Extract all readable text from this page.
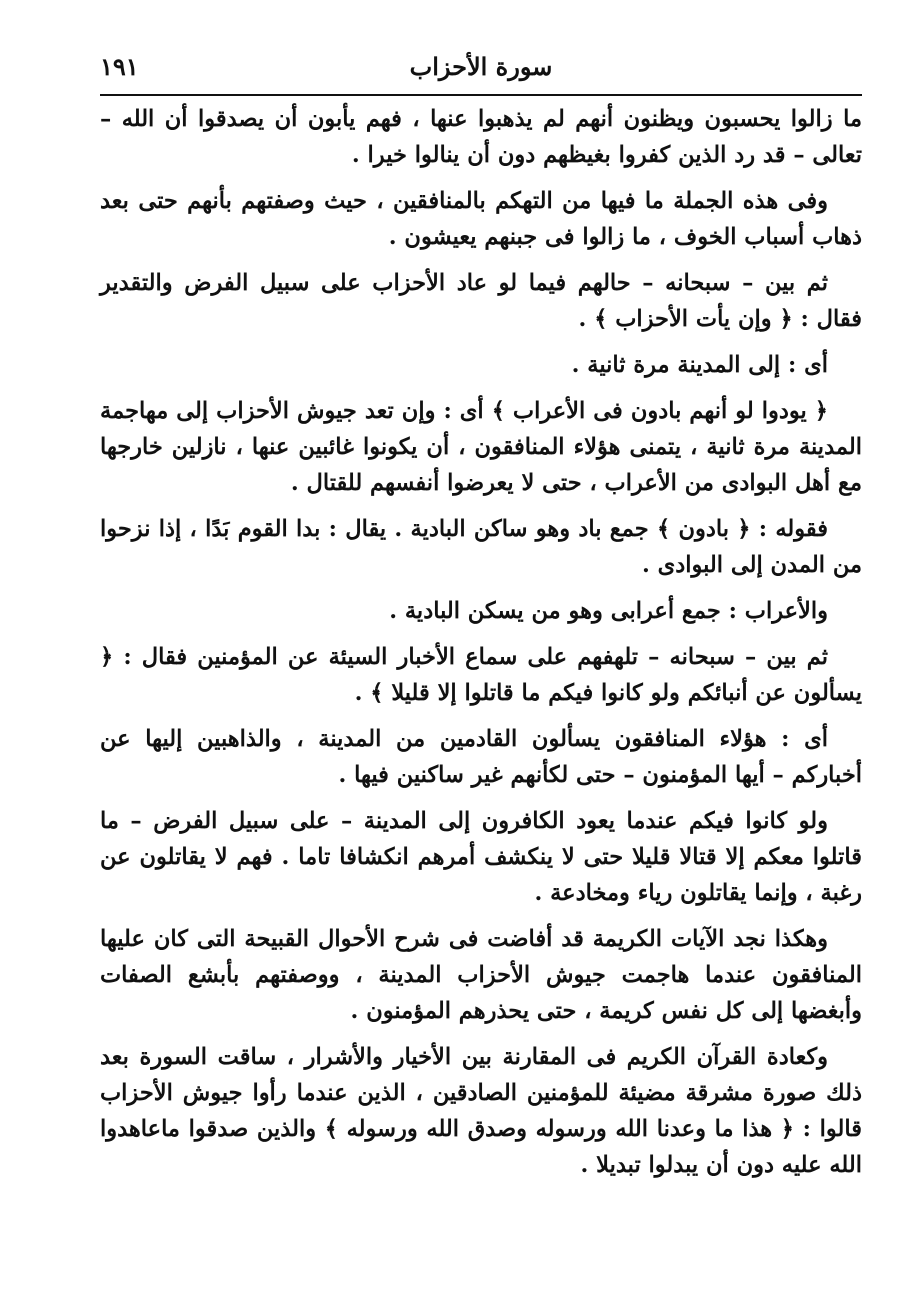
سورة الأحزاب
١٩١

ما زالوا يحسبون ويظنون أنهم لم يذهبوا عنها ، فهم يأبون أن يصدقوا أن الله – تعالى – قد رد الذين كفروا بغيظهم دون أن ينالوا خيرا .

وفى هذه الجملة ما فيها من التهكم بالمنافقين ، حيث وصفتهم بأنهم حتى بعد ذهاب أسباب الخوف ، ما زالوا فى جبنهم يعيشون .

ثم بين – سبحانه – حالهم فيما لو عاد الأحزاب على سبيل الفرض والتقدير فقال : ﴿ وإن يأت الأحزاب ﴾ .

أى : إلى المدينة مرة ثانية .

﴿ يودوا لو أنهم بادون فى الأعراب ﴾ أى : وإن تعد جيوش الأحزاب إلى مهاجمة المدينة مرة ثانية ، يتمنى هؤلاء المنافقون ، أن يكونوا غائبين عنها ، نازلين خارجها مع أهل البوادى من الأعراب ، حتى لا يعرضوا أنفسهم للقتال .

فقوله : ﴿ بادون ﴾ جمع باد وهو ساكن البادية . يقال : بدا القوم بَدًا ، إذا نزحوا من المدن إلى البوادى .

والأعراب : جمع أعرابى وهو من يسكن البادية .

ثم بين – سبحانه – تلهفهم على سماع الأخبار السيئة عن المؤمنين فقال : ﴿ يسألون عن أنبائكم ولو كانوا فيكم ما قاتلوا إلا قليلا ﴾ .

أى : هؤلاء المنافقون يسألون القادمين من المدينة ، والذاهبين إليها عن أخباركم – أيها المؤمنون – حتى لكأنهم غير ساكنين فيها .

ولو كانوا فيكم عندما يعود الكافرون إلى المدينة – على سبيل الفرض – ما قاتلوا معكم إلا قتالا قليلا حتى لا ينكشف أمرهم انكشافا تاما . فهم لا يقاتلون عن رغبة ، وإنما يقاتلون رياء ومخادعة .

وهكذا نجد الآيات الكريمة قد أفاضت فى شرح الأحوال القبيحة التى كان عليها المنافقون عندما هاجمت جيوش الأحزاب المدينة ، ووصفتهم بأبشع الصفات وأبغضها إلى كل نفس كريمة ، حتى يحذرهم المؤمنون .

وكعادة القرآن الكريم فى المقارنة بين الأخيار والأشرار ، ساقت السورة بعد ذلك صورة مشرقة مضيئة للمؤمنين الصادقين ، الذين عندما رأوا جيوش الأحزاب قالوا : ﴿ هذا ما وعدنا الله ورسوله وصدق الله ورسوله ﴾ والذين صدقوا ماعاهدوا الله عليه دون أن يبدلوا تبديلا .
